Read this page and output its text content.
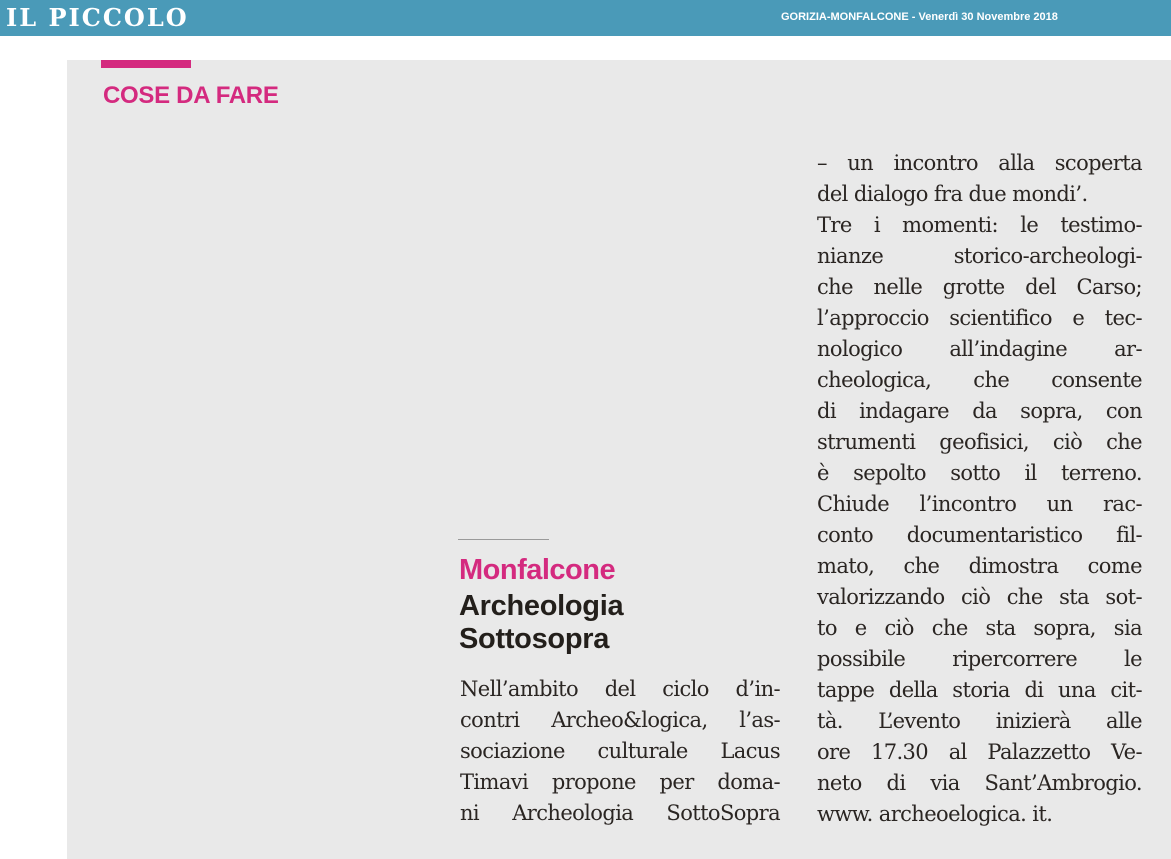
IL PICCOLO	GORIZIA-MONFALCONE - Venerdì 30 Novembre 2018
COSE DA FARE
Monfalcone
Archeologia
Sottosopra
Nell’ambito del ciclo d’in-
contri Archeo&logica, l’as-
sociazione culturale Lacus
Timavi propone per doma-
ni Archeologia SottoSopra
– un incontro alla scoperta
del dialogo fra due mondi’.
Tre i momenti: le testimo-
nianze storico-archeologi-
che nelle grotte del Carso;
l’approccio scientifico e tec-
nologico all’indagine ar-
cheologica, che consente
di indagare da sopra, con
strumenti geofisici, ciò che
è sepolto sotto il terreno.
Chiude l’incontro un rac-
conto documentaristico fil-
mato, che dimostra come
valorizzando ciò che sta sot-
to e ciò che sta sopra, sia
possibile ripercorrere le
tappe della storia di una cit-
tà. L’evento inizierà alle
ore 17.30 al Palazzetto Ve-
neto di via Sant’Ambrogio.
www. archeoelogica. it.
